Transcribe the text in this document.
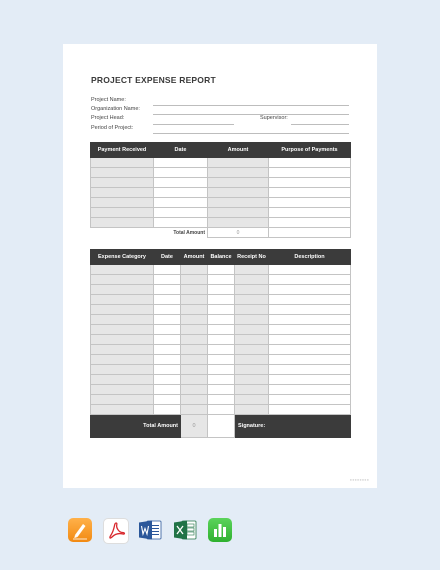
PROJECT EXPENSE REPORT
Project Name:
Organization Name:
Project Head:	Supervisor:
Period of Project:
Payment Received	Date	Amount	Purpose of Payments

	Total Amount	0	
Expense Category	Date	Amount	Balance	Receipt No	Description

Total Amount		0		Signature:	
●●●●●●●●
